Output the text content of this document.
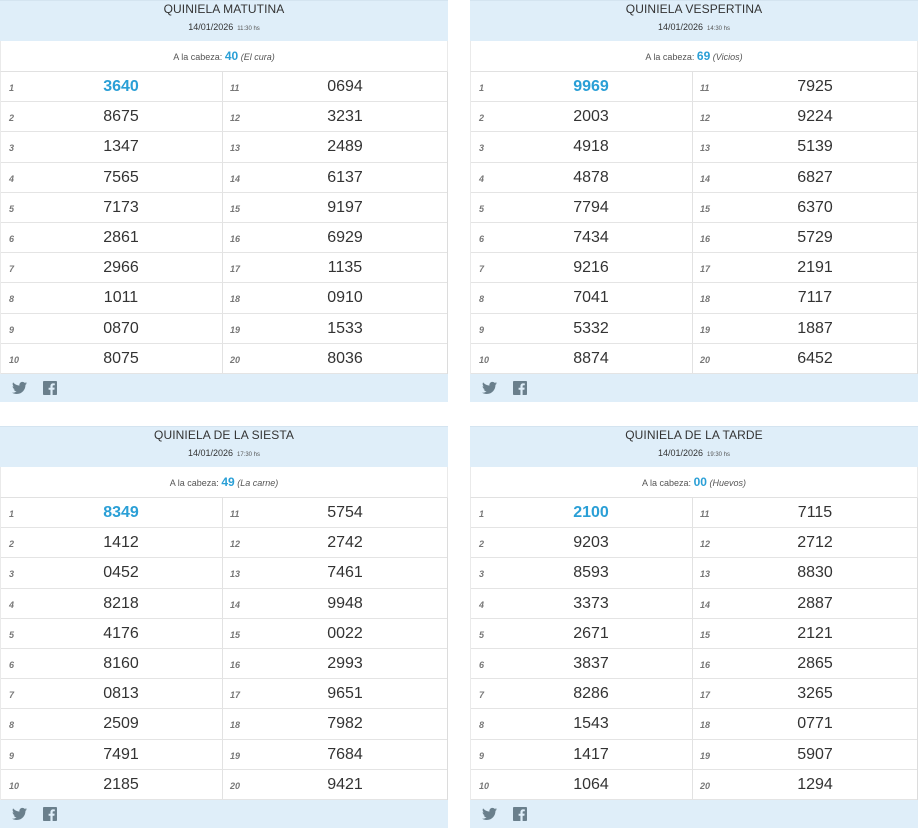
QUINIELA MATUTINA
14/01/2026 11:30 hs
A la cabeza: 40 (El cura)
1	3640	11	0694
2	8675	12	3231
3	1347	13	2489
4	7565	14	6137
5	7173	15	9197
6	2861	16	6929
7	2966	17	1135
8	1011	18	0910
9	0870	19	1533
10	8075	20	8036
QUINIELA VESPERTINA
14/01/2026 14:30 hs
A la cabeza: 69 (Vicios)
1	9969	11	7925
2	2003	12	9224
3	4918	13	5139
4	4878	14	6827
5	7794	15	6370
6	7434	16	5729
7	9216	17	2191
8	7041	18	7117
9	5332	19	1887
10	8874	20	6452
QUINIELA DE LA SIESTA
14/01/2026 17:30 hs
A la cabeza: 49 (La carne)
1	8349	11	5754
2	1412	12	2742
3	0452	13	7461
4	8218	14	9948
5	4176	15	0022
6	8160	16	2993
7	0813	17	9651
8	2509	18	7982
9	7491	19	7684
10	2185	20	9421
QUINIELA DE LA TARDE
14/01/2026 19:30 hs
A la cabeza: 00 (Huevos)
1	2100	11	7115
2	9203	12	2712
3	8593	13	8830
4	3373	14	2887
5	2671	15	2121
6	3837	16	2865
7	8286	17	3265
8	1543	18	0771
9	1417	19	5907
10	1064	20	1294
